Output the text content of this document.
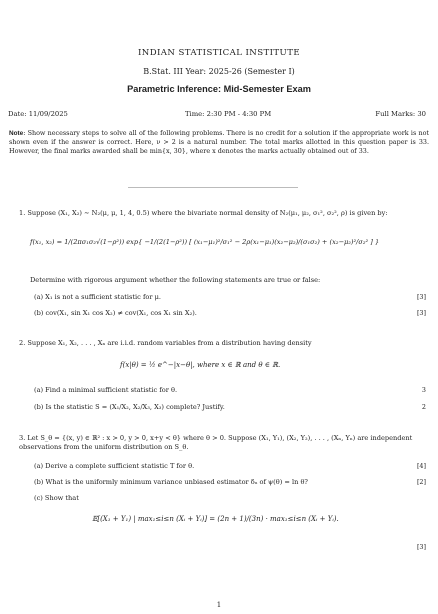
INDIAN STATISTICAL INSTITUTE
B.Stat. III Year: 2025-26 (Semester I)
Parametric Inference: Mid-Semester Exam
Date: 11/09/2025	Time: 2:30 PM - 4:30 PM	Full Marks: 30
Note: Show necessary steps to solve all of the following problems. There is no credit for a solution if the appropriate work is not shown even if the answer is correct. Here, ν > 2 is a natural number. The total marks allotted in this question paper is 33. However, the final marks awarded shall be min{x, 30}, where x denotes the marks actually obtained out of 33.
1. Suppose (X₁, X₂) ∼ N₂(μ, μ, 1, 4, 0.5) where the bivariate normal density of N₂(μ₁, μ₂, σ₁², σ₂², ρ) is given by:
f(x₁, x₂) = 1/(2πσ₁σ₂√(1−ρ²)) exp{ −1/(2(1−ρ²)) [ (x₁−μ₁)²/σ₁² − 2ρ(x₁−μ₁)(x₂−μ₂)/(σ₁σ₂) + (x₂−μ₂)²/σ₂² ] }
Determine with rigorous argument whether the following statements are true or false:
(a) X₁ is not a sufficient statistic for μ.	[3]
(b) cov(X₁, sin X₁ cos X₂) ≠ cov(X₁, cos X₁ sin X₂).	[3]
2. Suppose X₁, X₂, . . . , Xₙ are i.i.d. random variables from a distribution having density
f(x|θ) = ½ e^−|x−θ|, where x ∈ ℝ and θ ∈ ℝ.
(a) Find a minimal sufficient statistic for θ.	3
(b) Is the statistic S = (X₁/X₂, X₂/X₃, X₃) complete? Justify.	2
3. Let S_θ = {(x, y) ∈ ℝ² : x > 0, y > 0, x+y < θ} where θ > 0. Suppose (X₁, Y₁), (X₂, Y₂), . . . , (Xₙ, Yₙ) are independent observations from the uniform distribution on S_θ.
(a) Derive a complete sufficient statistic T for θ.	[4]
(b) What is the uniformly minimum variance unbiased estimator δᵤ of ψ(θ) = ln θ?	[2]
(c) Show that
𝔼[(X₁ + Y₁) | max₁≤i≤n (Xᵢ + Yᵢ)] = (2n + 1)/(3n) · max₁≤i≤n (Xᵢ + Yᵢ).
[3]
1
